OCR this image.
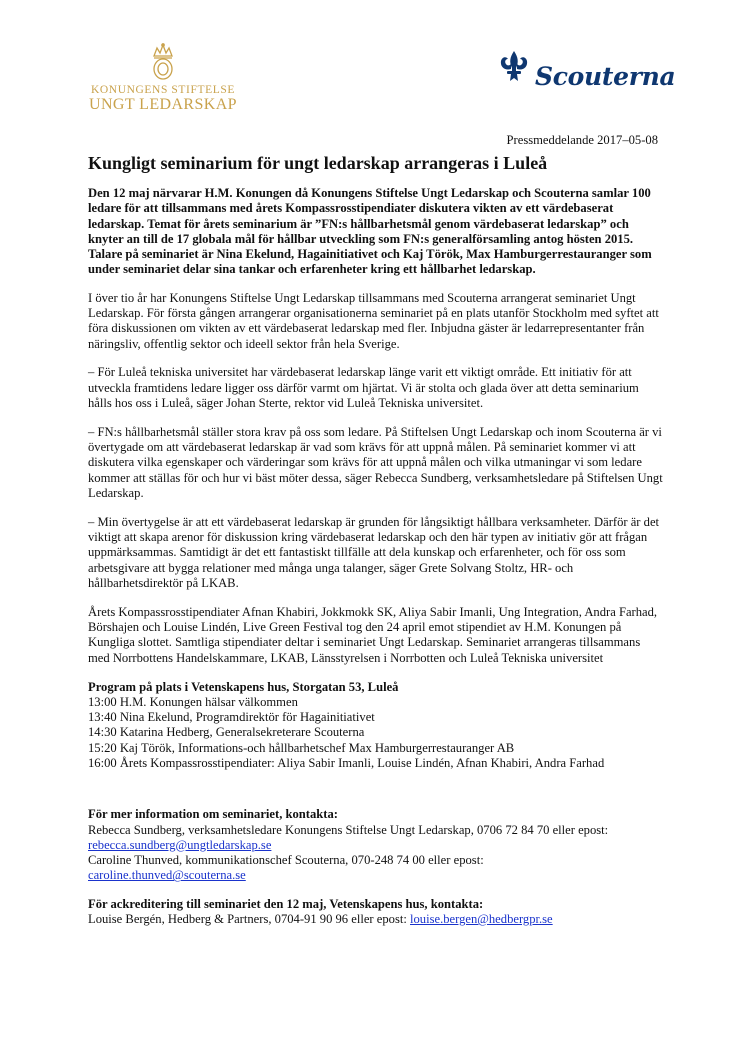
KONUNGENS STIFTELSE
UNGT LEDARSKAP
Scouterna
Pressmeddelande 2017–05-08
Kungligt seminarium för ungt ledarskap arrangeras i Luleå
Den 12 maj närvarar H.M. Konungen då Konungens Stiftelse Ungt Ledarskap och Scouterna samlar 100 ledare för att tillsammans med årets Kompassrosstipendiater diskutera vikten av ett värdebaserat ledarskap. Temat för årets seminarium är ”FN:s hållbarhetsmål genom värdebaserat ledarskap” och knyter an till de 17 globala mål för hållbar utveckling som FN:s generalförsamling antog hösten 2015. Talare på seminariet är Nina Ekelund, Hagainitiativet och Kaj Török, Max Hamburgerrestauranger som under seminariet delar sina tankar och erfarenheter kring ett hållbarhet ledarskap.

I över tio år har Konungens Stiftelse Ungt Ledarskap tillsammans med Scouterna arrangerat seminariet Ungt Ledarskap. För första gången arrangerar organisationerna seminariet på en plats utanför Stockholm med syftet att föra diskussionen om vikten av ett värdebaserat ledarskap med fler. Inbjudna gäster är ledarrepresentanter från näringsliv, offentlig sektor och ideell sektor från hela Sverige.

– För Luleå tekniska universitet har värdebaserat ledarskap länge varit ett viktigt område. Ett initiativ för att utveckla framtidens ledare ligger oss därför varmt om hjärtat. Vi är stolta och glada över att detta seminarium hålls hos oss i Luleå, säger Johan Sterte, rektor vid Luleå Tekniska universitet.

– FN:s hållbarhetsmål ställer stora krav på oss som ledare. På Stiftelsen Ungt Ledarskap och inom Scouterna är vi övertygade om att värdebaserat ledarskap är vad som krävs för att uppnå målen. På seminariet kommer vi att diskutera vilka egenskaper och värderingar som krävs för att uppnå målen och vilka utmaningar vi som ledare kommer att ställas för och hur vi bäst möter dessa, säger Rebecca Sundberg, verksamhetsledare på Stiftelsen Ungt Ledarskap.

– Min övertygelse är att ett värdebaserat ledarskap är grunden för långsiktigt hållbara verksamheter. Därför är det viktigt att skapa arenor för diskussion kring värdebaserat ledarskap och den här typen av initiativ gör att frågan uppmärksammas. Samtidigt är det ett fantastiskt tillfälle att dela kunskap och erfarenheter, och för oss som arbetsgivare att bygga relationer med många unga talanger, säger Grete Solvang Stoltz, HR- och hållbarhetsdirektör på LKAB.

Årets Kompassrosstipendiater Afnan Khabiri, Jokkmokk SK, Aliya Sabir Imanli, Ung Integration, Andra Farhad, Börshajen och Louise Lindén, Live Green Festival tog den 24 april emot stipendiet av H.M. Konungen på Kungliga slottet. Samtliga stipendiater deltar i seminariet Ungt Ledarskap. Seminariet arrangeras tillsammans med Norrbottens Handelskammare, LKAB, Länsstyrelsen i Norrbotten och Luleå Tekniska universitet

Program på plats i Vetenskapens hus, Storgatan 53, Luleå
13:00 H.M. Konungen hälsar välkommen
13:40 Nina Ekelund, Programdirektör för Hagainitiativet
14:30 Katarina Hedberg, Generalsekreterare Scouterna
15:20 Kaj Török, Informations-och hållbarhetschef Max Hamburgerrestauranger AB
16:00 Årets Kompassrosstipendiater: Aliya Sabir Imanli, Louise Lindén, Afnan Khabiri, Andra Farhad
För mer information om seminariet, kontakta:
Rebecca Sundberg, verksamhetsledare Konungens Stiftelse Ungt Ledarskap, 0706 72 84 70 eller epost:
rebecca.sundberg@ungtledarskap.se
Caroline Thunved, kommunikationschef Scouterna, 070-248 74 00 eller epost:
caroline.thunved@scouterna.se
För ackreditering till seminariet den 12 maj, Vetenskapens hus, kontakta:
Louise Bergén, Hedberg & Partners, 0704-91 90 96 eller epost: louise.bergen@hedbergpr.se
